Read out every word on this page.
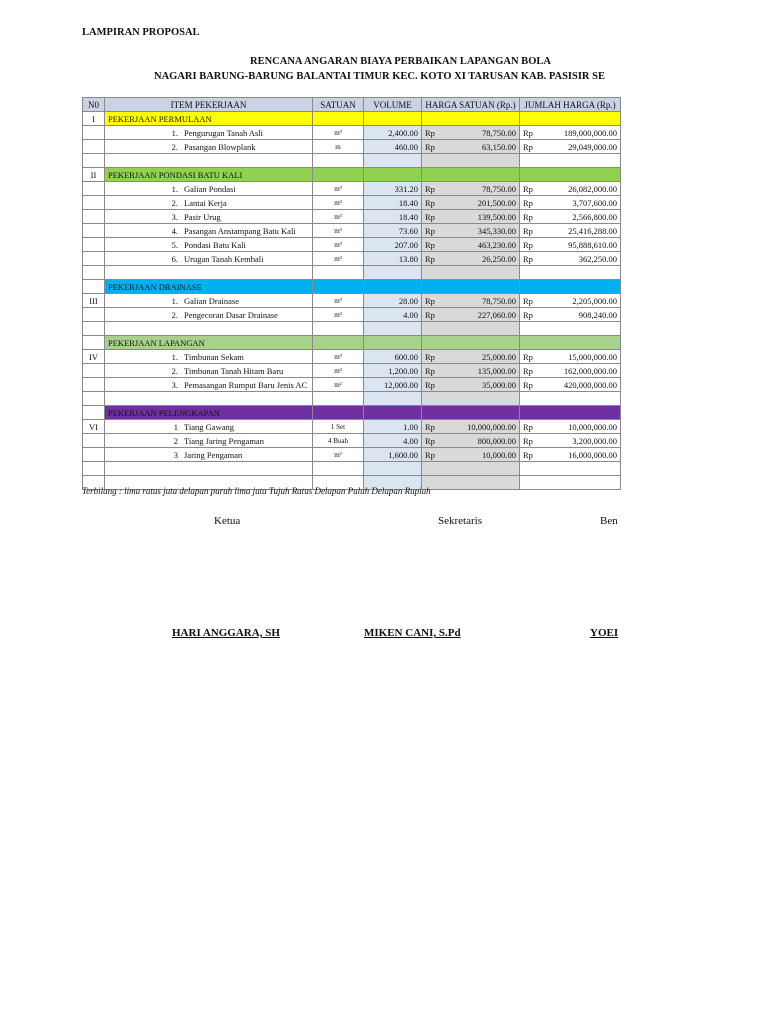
LAMPIRAN PROPOSAL
RENCANA ANGARAN BIAYA PERBAIKAN LAPANGAN BOLA
NAGARI BARUNG-BARUNG BALANTAI TIMUR KEC. KOTO XI TARUSAN KAB. PASISIR SE
N0	ITEM PEKERJAAN	SATUAN	VOLUME	HARGA SATUAN (Rp.)	JUMLAH HARGA (Rp.)
I	PEKERJAAN PERMULAAN				
	1. Pengurugan Tanah Asli	m³	2,400.00	Rp 78,750.00	Rp 189,000,000.00
	2. Pasangan Blowplank	m	460.00	Rp 63,150.00	Rp 29,049,000.00

II	PEKERJAAN PONDASI BATU KALI				
	1. Galian Pondasi	m³	331.20	Rp 78,750.00	Rp 26,082,000.00
	2. Lantai Kerja	m³	18.40	Rp 201,500.00	Rp 3,707,600.00
	3. Pasir Urug	m³	18.40	Rp 139,500.00	Rp 2,566,800.00
	4. Pasangan Anstampang Batu Kali	m³	73.60	Rp 345,330.00	Rp 25,416,288.00
	5. Pondasi Batu Kali	m³	207.00	Rp 463,230.00	Rp 95,888,610.00
	6. Urugan Tanah Kembali	m³	13.80	Rp 26,250.00	Rp 362,250.00

	PEKERJAAN DRAINASE				
III	1. Galian Drainase	m³	28.00	Rp 78,750.00	Rp 2,205,000.00
	2. Pengecoran Dasar Drainase	m³	4.00	Rp 227,060.00	Rp 908,240.00

	PEKERJAAN LAPANGAN				
IV	1. Timbunan Sekam	m³	600.00	Rp 25,000.00	Rp 15,000,000.00
	2. Timbunan Tanah Hitam Baru	m³	1,200.00	Rp 135,000.00	Rp 162,000,000.00
	3. Pemasangan Rumput Baru Jenis AC	m²	12,000.00	Rp 35,000.00	Rp 420,000,000.00

	PEKERJAAN PELENGKAPAN				
VI	1 Tiang Gawang	1 Set	1.00	Rp 10,000,000.00	Rp 10,000,000.00
	2 Tiang Jaring Pengaman	4 Buah	4.00	Rp 800,000.00	Rp 3,200,000.00
	3 Jaring Pengaman	m²	1,600.00	Rp 10,000.00	Rp 16,000,000.00

Terbilang : lima ratus juta delapan puruh lima juta Tujuh Ratus Delapan Puluh Delapan Rupiah
Ketua	Sekretaris	Ben
HARI ANGGARA, SH	MIKEN CANI, S.Pd	YOEI
